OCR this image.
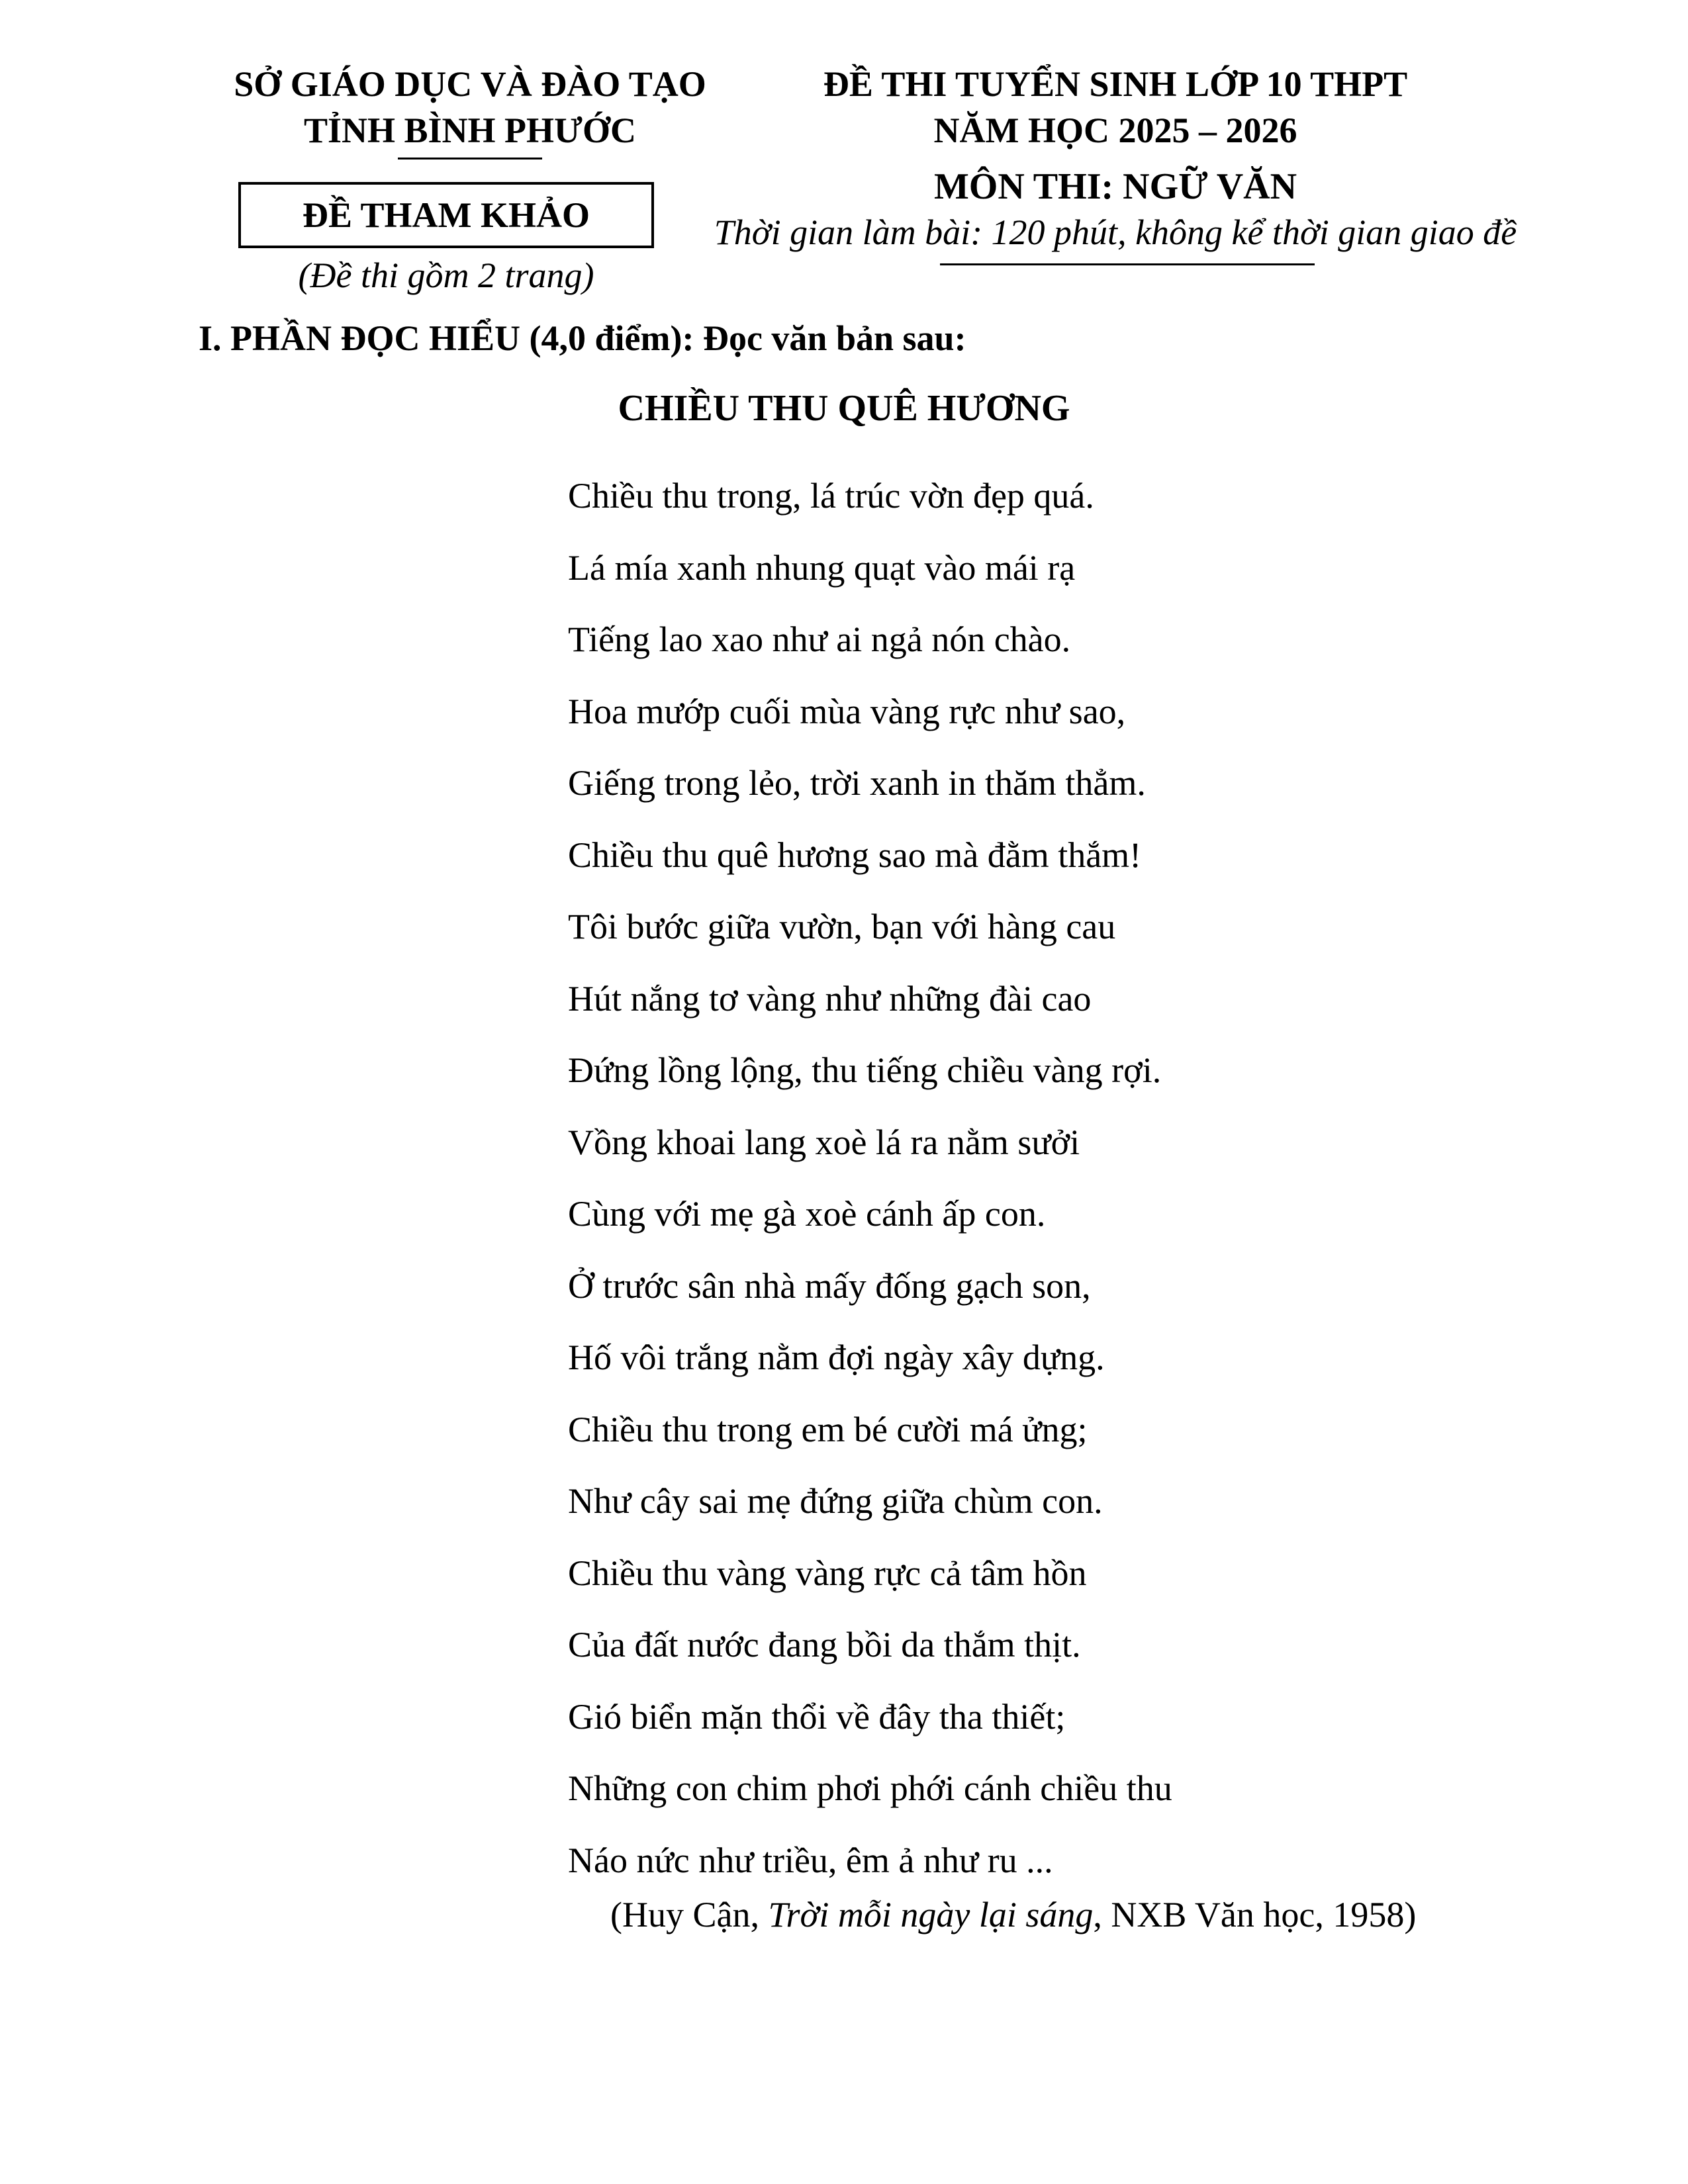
SỞ GIÁO DỤC VÀ ĐÀO TẠO
TỈNH BÌNH PHƯỚC
ĐỀ THI TUYỂN SINH LỚP 10 THPT
NĂM HỌC 2025 – 2026
ĐỀ THAM KHẢO
(Đề thi gồm 2 trang)
MÔN THI: NGỮ VĂN
Thời gian làm bài: 120 phút, không kể thời gian giao đề
I. PHẦN ĐỌC HIỂU (4,0 điểm): Đọc văn bản sau:
CHIỀU THU QUÊ HƯƠNG
Chiều thu trong, lá trúc vờn đẹp quá.
Lá mía xanh nhung quạt vào mái rạ
Tiếng lao xao như ai ngả nón chào.
Hoa mướp cuối mùa vàng rực như sao,
Giếng trong lẻo, trời xanh in thăm thẳm.
Chiều thu quê hương sao mà đằm thắm!
Tôi bước giữa vườn, bạn với hàng cau
Hút nắng tơ vàng như những đài cao
Đứng lồng lộng, thu tiếng chiều vàng rợi.
Vồng khoai lang xoè lá ra nằm sưởi
Cùng với mẹ gà xoè cánh ấp con.
Ở trước sân nhà mấy đống gạch son,
Hố vôi trắng nằm đợi ngày xây dựng.
Chiều thu trong em bé cười má ửng;
Như cây sai mẹ đứng giữa chùm con.
Chiều thu vàng vàng rực cả tâm hồn
Của đất nước đang bồi da thắm thịt.
Gió biển mặn thổi về đây tha thiết;
Những con chim phơi phới cánh chiều thu
Náo nức như triều, êm ả như ru ...
(Huy Cận, Trời mỗi ngày lại sáng, NXB Văn học, 1958)
